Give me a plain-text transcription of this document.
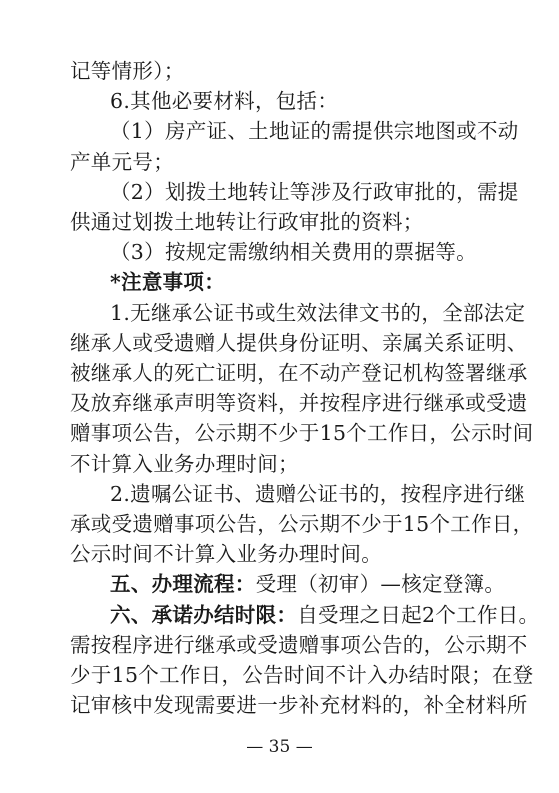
记等情形）；
6.其他必要材料，包括：
（1）房产证、土地证的需提供宗地图或不动
产单元号；
（2）划拨土地转让等涉及行政审批的，需提
供通过划拨土地转让行政审批的资料；
（3）按规定需缴纳相关费用的票据等。
*注意事项：
1.无继承公证书或生效法律文书的，全部法定
继承人或受遗赠人提供身份证明、亲属关系证明、
被继承人的死亡证明，在不动产登记机构签署继承
及放弃继承声明等资料，并按程序进行继承或受遗
赠事项公告，公示期不少于15个工作日，公示时间
不计算入业务办理时间；
2.遗嘱公证书、遗赠公证书的，按程序进行继
承或受遗赠事项公告，公示期不少于15个工作日，
公示时间不计算入业务办理时间。
五、办理流程：受理（初审）—核定登簿。
六、承诺办结时限：自受理之日起2个工作日。
需按程序进行继承或受遗赠事项公告的，公示期不
— 35 —
少于15个工作日，公告时间不计入办结时限；在登
记审核中发现需要进一步补充材料的，补全材料所
